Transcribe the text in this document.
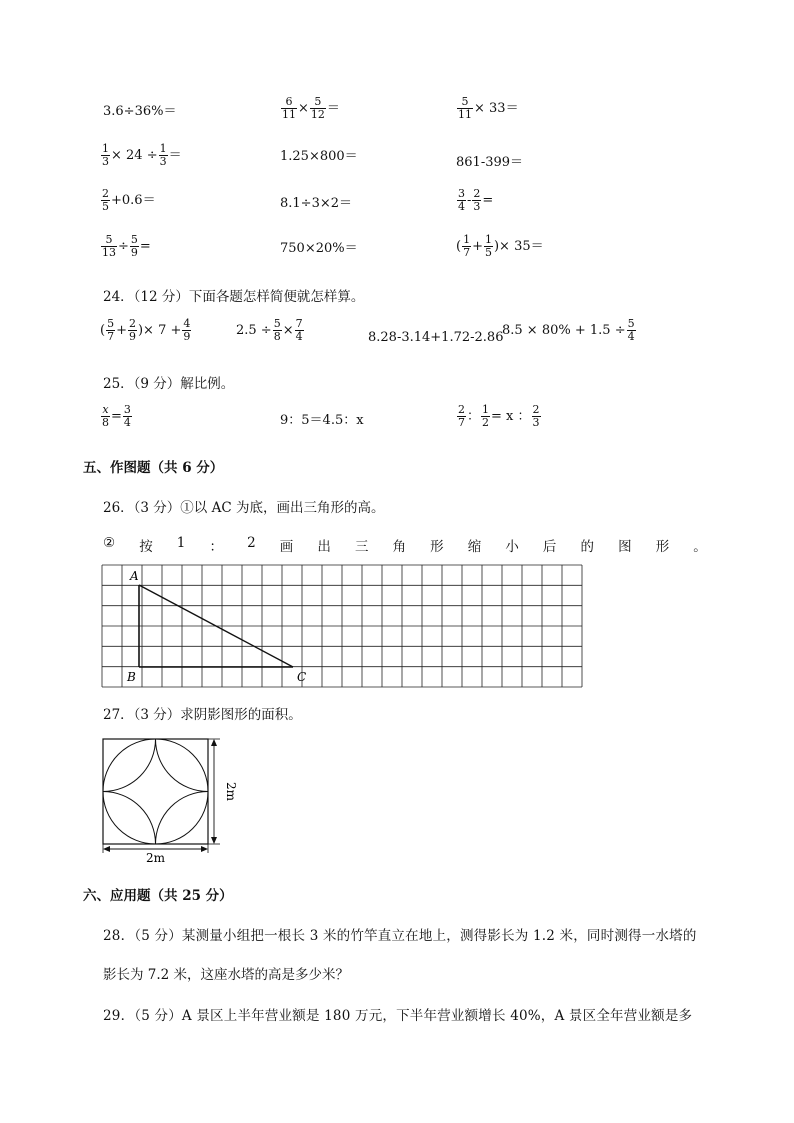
3.6÷36%＝	$\frac{6}{11} \times \frac{5}{12}$ ＝	$\frac{5}{11} \times 33=$
$\frac{1}{3} \times 24 \div \frac{1}{3}$ ＝	1.25×800＝	861-399＝
$\frac{2}{5} +0.6=$	8.1÷3×2＝	$\frac{3}{4} - \frac{2}{3}$ =
$\frac{5}{13} \div \frac{5}{9}$ =	750×20%＝	( $\frac{1}{7} + \frac{1}{5}$ )× 35＝
24．（12 分）下面各题怎样简便就怎样算。
( $\frac{5}{7} + \frac{2}{9}$ )× $7 + \frac{4}{9}$	$2.5 \div \frac{5}{8} \times \frac{7}{4}$	8.28-3.14+1.72-2.86
$8.5 \times 80\% + 1.5 \div \frac{5}{4}$
25．（9 分）解比例。
$\frac{x}{8} = \frac{3}{4}$	9：5＝4.5：x	$\frac{2}{7}$ ： $\frac{1}{2} = x$ ： $\frac{2}{3}$
五、作图题（共 6 分）
26．（3 分）①以 AC 为底，画出三角形的高。
② 按 1 ： 2 画 出 三 角 形 缩 小 后 的 图 形 。
A
B	C
27．（3 分）求阴影图形的面积。
2m
2m
六、应用题（共 25 分）
28．（5 分）某测量小组把一根长 3 米的竹竿直立在地上，测得影长为 1.2 米，同时测得一水塔的
影长为 7.2 米，这座水塔的高是多少米？
29．（5 分）A 景区上半年营业额是 180 万元，下半年营业额增长 40%，A 景区全年营业额是多
